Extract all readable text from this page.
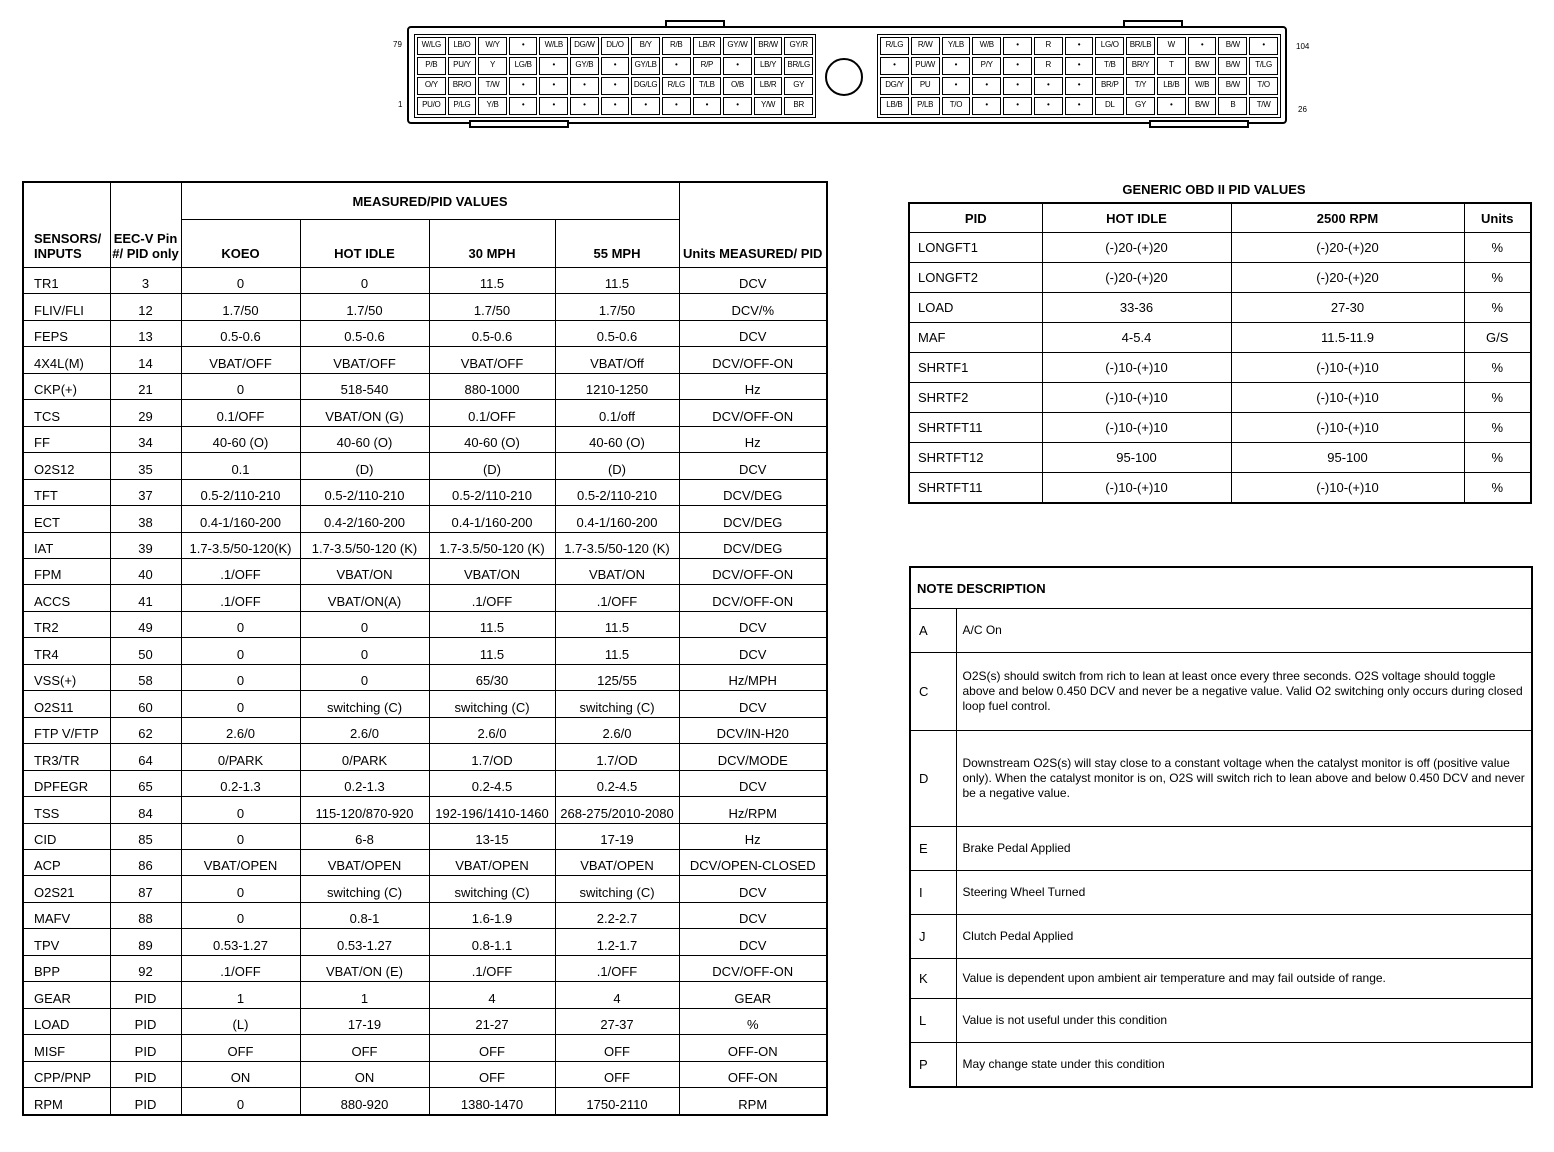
W/LG	LB/O	W/Y	•	W/LB	DG/W	DL/O	B/Y	R/B	LB/R	GY/W	BR/W	GY/R
P/B	PU/Y	Y	LG/B	•	GY/B	•	GY/LB	•	R/P	•	LB/Y	BR/LG
O/Y	BR/O	T/W	•	•	•	•	DG/LG	R/LG	T/LB	O/B	LB/R	GY
PU/O	P/LG	Y/B	•	•	•	•	•	•	•	•	Y/W	BR
R/LG	R/W	Y/LB	W/B	•	R	•	LG/O	BR/LB	W	•	B/W	•
•	PU/W	•	P/Y	•	R	•	T/B	BR/Y	T	B/W	B/W	T/LG
DG/Y	PU	•	•	•	•	•	BR/P	T/Y	LB/B	W/B	B/W	T/O
LB/B	P/LB	T/O	•	•	•	•	DL	GY	•	B/W	B	T/W
79
1
104
26
SENSORS/ INPUTS	EEC-V Pin #/ PID only	MEASURED/PID VALUES				Units MEASURED/ PID
		KOEO	HOT IDLE	30 MPH	55 MPH	
TR1	3	0	0	11.5	11.5	DCV
FLIV/FLI	12	1.7/50	1.7/50	1.7/50	1.7/50	DCV/%
FEPS	13	0.5-0.6	0.5-0.6	0.5-0.6	0.5-0.6	DCV
4X4L(M)	14	VBAT/OFF	VBAT/OFF	VBAT/OFF	VBAT/Off	DCV/OFF-ON
CKP(+)	21	0	518-540	880-1000	1210-1250	Hz
TCS	29	0.1/OFF	VBAT/ON (G)	0.1/OFF	0.1/off	DCV/OFF-ON
FF	34	40-60 (O)	40-60 (O)	40-60 (O)	40-60 (O)	Hz
O2S12	35	0.1	(D)	(D)	(D)	DCV
TFT	37	0.5-2/110-210	0.5-2/110-210	0.5-2/110-210	0.5-2/110-210	DCV/DEG
ECT	38	0.4-1/160-200	0.4-2/160-200	0.4-1/160-200	0.4-1/160-200	DCV/DEG
IAT	39	1.7-3.5/50-120(K)	1.7-3.5/50-120 (K)	1.7-3.5/50-120 (K)	1.7-3.5/50-120 (K)	DCV/DEG
FPM	40	.1/OFF	VBAT/ON	VBAT/ON	VBAT/ON	DCV/OFF-ON
ACCS	41	.1/OFF	VBAT/ON(A)	.1/OFF	.1/OFF	DCV/OFF-ON
TR2	49	0	0	11.5	11.5	DCV
TR4	50	0	0	11.5	11.5	DCV
VSS(+)	58	0	0	65/30	125/55	Hz/MPH
O2S11	60	0	switching (C)	switching (C)	switching (C)	DCV
FTP V/FTP	62	2.6/0	2.6/0	2.6/0	2.6/0	DCV/IN-H20
TR3/TR	64	0/PARK	0/PARK	1.7/OD	1.7/OD	DCV/MODE
DPFEGR	65	0.2-1.3	0.2-1.3	0.2-4.5	0.2-4.5	DCV
TSS	84	0	115-120/870-920	192-196/1410-1460	268-275/2010-2080	Hz/RPM
CID	85	0	6-8	13-15	17-19	Hz
ACP	86	VBAT/OPEN	VBAT/OPEN	VBAT/OPEN	VBAT/OPEN	DCV/OPEN-CLOSED
O2S21	87	0	switching (C)	switching (C)	switching (C)	DCV
MAFV	88	0	0.8-1	1.6-1.9	2.2-2.7	DCV
TPV	89	0.53-1.27	0.53-1.27	0.8-1.1	1.2-1.7	DCV
BPP	92	.1/OFF	VBAT/ON (E)	.1/OFF	.1/OFF	DCV/OFF-ON
GEAR	PID	1	1	4	4	GEAR
LOAD	PID	(L)	17-19	21-27	27-37	%
MISF	PID	OFF	OFF	OFF	OFF	OFF-ON
CPP/PNP	PID	ON	ON	OFF	OFF	OFF-ON
RPM	PID	0	880-920	1380-1470	1750-2110	RPM
GENERIC OBD II PID VALUES
PID	HOT IDLE	2500 RPM	Units
LONGFT1	(-)20-(+)20	(-)20-(+)20	%
LONGFT2	(-)20-(+)20	(-)20-(+)20	%
LOAD	33-36	27-30	%
MAF	4-5.4	11.5-11.9	G/S
SHRTF1	(-)10-(+)10	(-)10-(+)10	%
SHRTF2	(-)10-(+)10	(-)10-(+)10	%
SHRTFT11	(-)10-(+)10	(-)10-(+)10	%
SHRTFT12	95-100	95-100	%
SHRTFT11	(-)10-(+)10	(-)10-(+)10	%
NOTE DESCRIPTION	
A	A/C On
C	O2S(s) should switch from rich to lean at least once every three seconds. O2S voltage should toggle above and below 0.450 DCV and never be a negative value. Valid O2 switching only occurs during closed loop fuel control.
D	Downstream O2S(s) will stay close to a constant voltage when the catalyst monitor is off (positive value only). When the catalyst monitor is on, O2S will switch rich to lean above and below 0.450 DCV and never be a negative value.
E	Brake Pedal Applied
I	Steering Wheel Turned
J	Clutch Pedal Applied
K	Value is dependent upon ambient air temperature and may fail outside of range.
L	Value is not useful under this condition
P	May change state under this condition
